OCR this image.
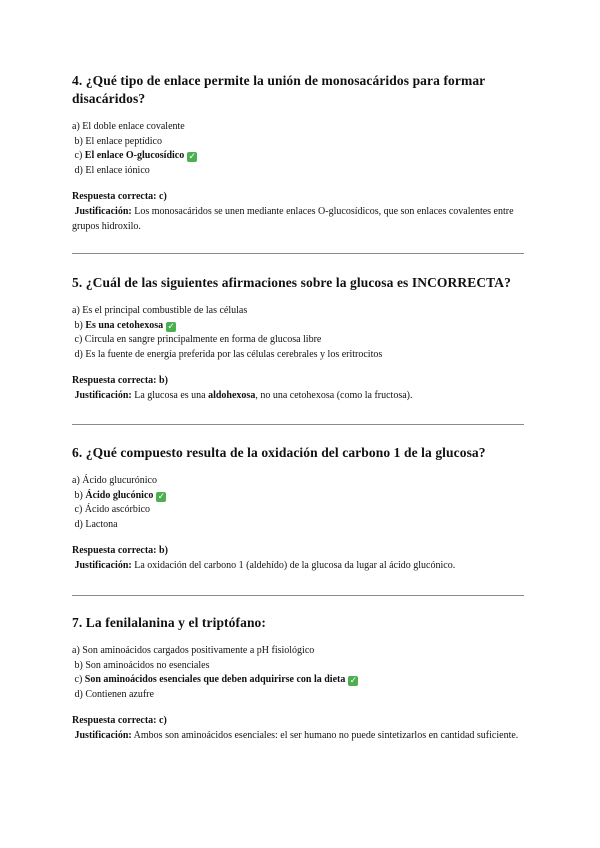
4. ¿Qué tipo de enlace permite la unión de monosacáridos para formar disacáridos?
a) El doble enlace covalente
b) El enlace peptídico
c) El enlace O-glucosídico ✓
d) El enlace iónico
Respuesta correcta: c)
Justificación: Los monosacáridos se unen mediante enlaces O-glucosídicos, que son enlaces covalentes entre grupos hidroxilo.
5. ¿Cuál de las siguientes afirmaciones sobre la glucosa es INCORRECTA?
a) Es el principal combustible de las células
b) Es una cetohexosa ✓
c) Circula en sangre principalmente en forma de glucosa libre
d) Es la fuente de energía preferida por las células cerebrales y los eritrocitos
Respuesta correcta: b)
Justificación: La glucosa es una aldohexosa, no una cetohexosa (como la fructosa).
6. ¿Qué compuesto resulta de la oxidación del carbono 1 de la glucosa?
a) Ácido glucurónico
b) Ácido glucónico ✓
c) Ácido ascórbico
d) Lactona
Respuesta correcta: b)
Justificación: La oxidación del carbono 1 (aldehído) de la glucosa da lugar al ácido glucónico.
7. La fenilalanina y el triptófano:
a) Son aminoácidos cargados positivamente a pH fisiológico
b) Son aminoácidos no esenciales
c) Son aminoácidos esenciales que deben adquirirse con la dieta ✓
d) Contienen azufre
Respuesta correcta: c)
Justificación: Ambos son aminoácidos esenciales: el ser humano no puede sintetizarlos en cantidad suficiente.
